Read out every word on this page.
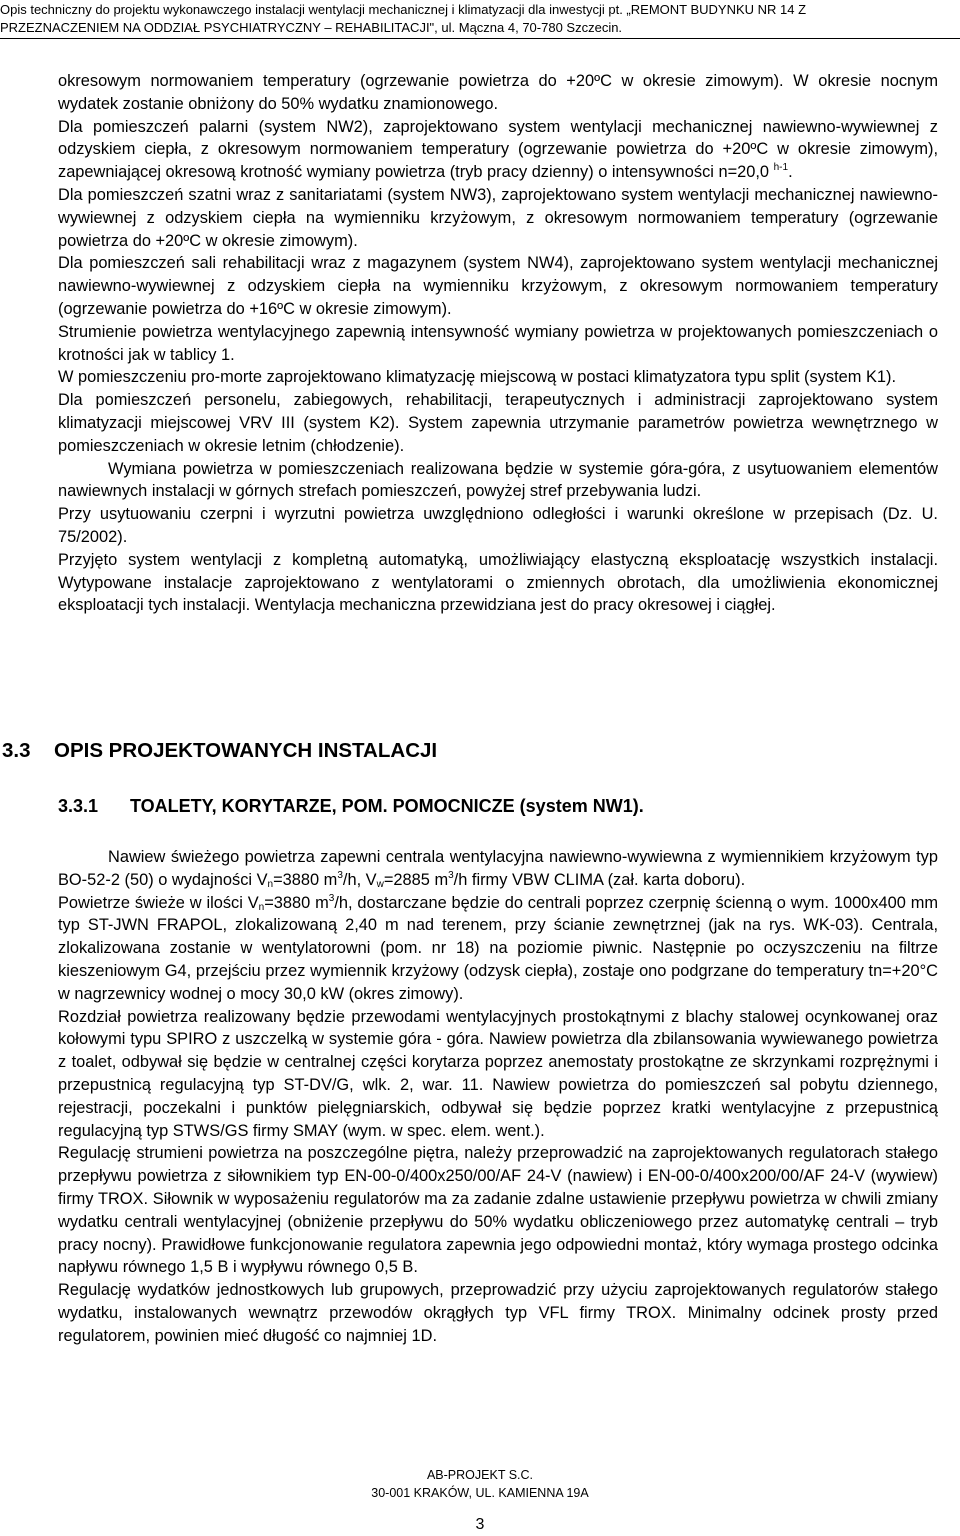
Opis techniczny do projektu wykonawczego instalacji wentylacji mechanicznej i klimatyzacji dla inwestycji pt. „REMONT BUDYNKU NR 14 Z
PRZEZNACZENIEM NA ODDZIAŁ PSYCHIATRYCZNY – REHABILITACJI", ul. Mączna 4, 70-780 Szczecin.

okresowym normowaniem temperatury (ogrzewanie powietrza do +20ºC w okresie zimowym). W okresie nocnym wydatek zostanie obniżony do 50% wydatku znamionowego.

Dla pomieszczeń palarni (system NW2), zaprojektowano system wentylacji mechanicznej nawiewno-wywiewnej z odzyskiem ciepła, z okresowym normowaniem temperatury (ogrzewanie powietrza do +20ºC w okresie zimowym), zapewniającej okresową krotność wymiany powietrza (tryb pracy dzienny) o intensywności n=20,0 $^{h-1}$.

Dla pomieszczeń szatni wraz z sanitariatami (system NW3), zaprojektowano system wentylacji mechanicznej nawiewno-wywiewnej z odzyskiem ciepła na wymienniku krzyżowym, z okresowym normowaniem temperatury (ogrzewanie powietrza do +20ºC w okresie zimowym).

Dla pomieszczeń sali rehabilitacji wraz z magazynem (system NW4), zaprojektowano system wentylacji mechanicznej nawiewno-wywiewnej z odzyskiem ciepła na wymienniku krzyżowym, z okresowym normowaniem temperatury (ogrzewanie powietrza do +16ºC w okresie zimowym).

Strumienie powietrza wentylacyjnego zapewnią intensywność wymiany powietrza w projektowanych pomieszczeniach o krotności jak w tablicy 1.

W pomieszczeniu pro-morte zaprojektowano klimatyzację miejscową w postaci klimatyzatora typu split (system K1).

Dla pomieszczeń personelu, zabiegowych, rehabilitacji, terapeutycznych i administracji zaprojektowano system klimatyzacji miejscowej VRV III (system K2). System zapewnia utrzymanie parametrów powietrza wewnętrznego w pomieszczeniach w okresie letnim (chłodzenie).

Wymiana powietrza w pomieszczeniach realizowana będzie w systemie góra-góra, z usytuowaniem elementów nawiewnych instalacji w górnych strefach pomieszczeń, powyżej stref przebywania ludzi.

Przy usytuowaniu czerpni i wyrzutni powietrza uwzględniono odległości i warunki określone w przepisach (Dz. U. 75/2002).

Przyjęto system wentylacji z kompletną automatyką, umożliwiający elastyczną eksploatację wszystkich instalacji. Wytypowane instalacje zaprojektowano z wentylatorami o zmiennych obrotach, dla umożliwienia ekonomicznej eksploatacji tych instalacji. Wentylacja mechaniczna przewidziana jest do pracy okresowej i ciągłej.

3.3 OPIS PROJEKTOWANYCH INSTALACJI
3.3.1 TOALETY, KORYTARZE, POM. POMOCNICZE (system NW1).

Nawiew świeżego powietrza zapewni centrala wentylacyjna nawiewno-wywiewna z wymiennikiem krzyżowym typ BO-52-2 (50) o wydajności $V_n=3880$ $m^3/h$, $V_w=2885$ $m^3/h$ firmy VBW CLIMA (zał. karta doboru).

Powietrze świeże w ilości $V_n=3880$ $m^3/h$, dostarczane będzie do centrali poprzez czerpnię ścienną o wym. 1000x400 mm typ ST-JWN FRAPOL, zlokalizowaną 2,40 m nad terenem, przy ścianie zewnętrznej (jak na rys. WK-03). Centrala, zlokalizowana zostanie w wentylatorowni (pom. nr 18) na poziomie piwnic. Następnie po oczyszczeniu na filtrze kieszeniowym G4, przejściu przez wymiennik krzyżowy (odzysk ciepła), zostaje ono podgrzane do temperatury tn=+20°C w nagrzewnicy wodnej o mocy 30,0 kW (okres zimowy).

Rozdział powietrza realizowany będzie przewodami wentylacyjnych prostokątnymi z blachy stalowej ocynkowanej oraz kołowymi typu SPIRO z uszczelką w systemie góra - góra. Nawiew powietrza dla zbilansowania wywiewanego powietrza z toalet, odbywał się będzie w centralnej części korytarza poprzez anemostaty prostokątne ze skrzynkami rozprężnymi i przepustnicą regulacyjną typ ST-DV/G, wlk. 2, war. 11. Nawiew powietrza do pomieszczeń sal pobytu dziennego, rejestracji, poczekalni i punktów pielęgniarskich, odbywał się będzie poprzez kratki wentylacyjne z przepustnicą regulacyjną typ STWS/GS firmy SMAY (wym. w spec. elem. went.).

Regulację strumieni powietrza na poszczególne piętra, należy przeprowadzić na zaprojektowanych regulatorach stałego przepływu powietrza z siłownikiem typ EN-00-0/400x250/00/AF 24-V (nawiew) i EN-00-0/400x200/00/AF 24-V (wywiew) firmy TROX. Siłownik w wyposażeniu regulatorów ma za zadanie zdalne ustawienie przepływu powietrza w chwili zmiany wydatku centrali wentylacyjnej (obniżenie przepływu do 50% wydatku obliczeniowego przez automatykę centrali – tryb pracy nocny). Prawidłowe funkcjonowanie regulatora zapewnia jego odpowiedni montaż, który wymaga prostego odcinka napływu równego 1,5 B i wypływu równego 0,5 B.

Regulację wydatków jednostkowych lub grupowych, przeprowadzić przy użyciu zaprojektowanych regulatorów stałego wydatku, instalowanych wewnątrz przewodów okrągłych typ VFL firmy TROX. Minimalny odcinek prosty przed regulatorem, powinien mieć długość co najmniej 1D.

AB-PROJEKT S.C.
30-001 KRAKÓW, UL. KAMIENNA 19A
3
